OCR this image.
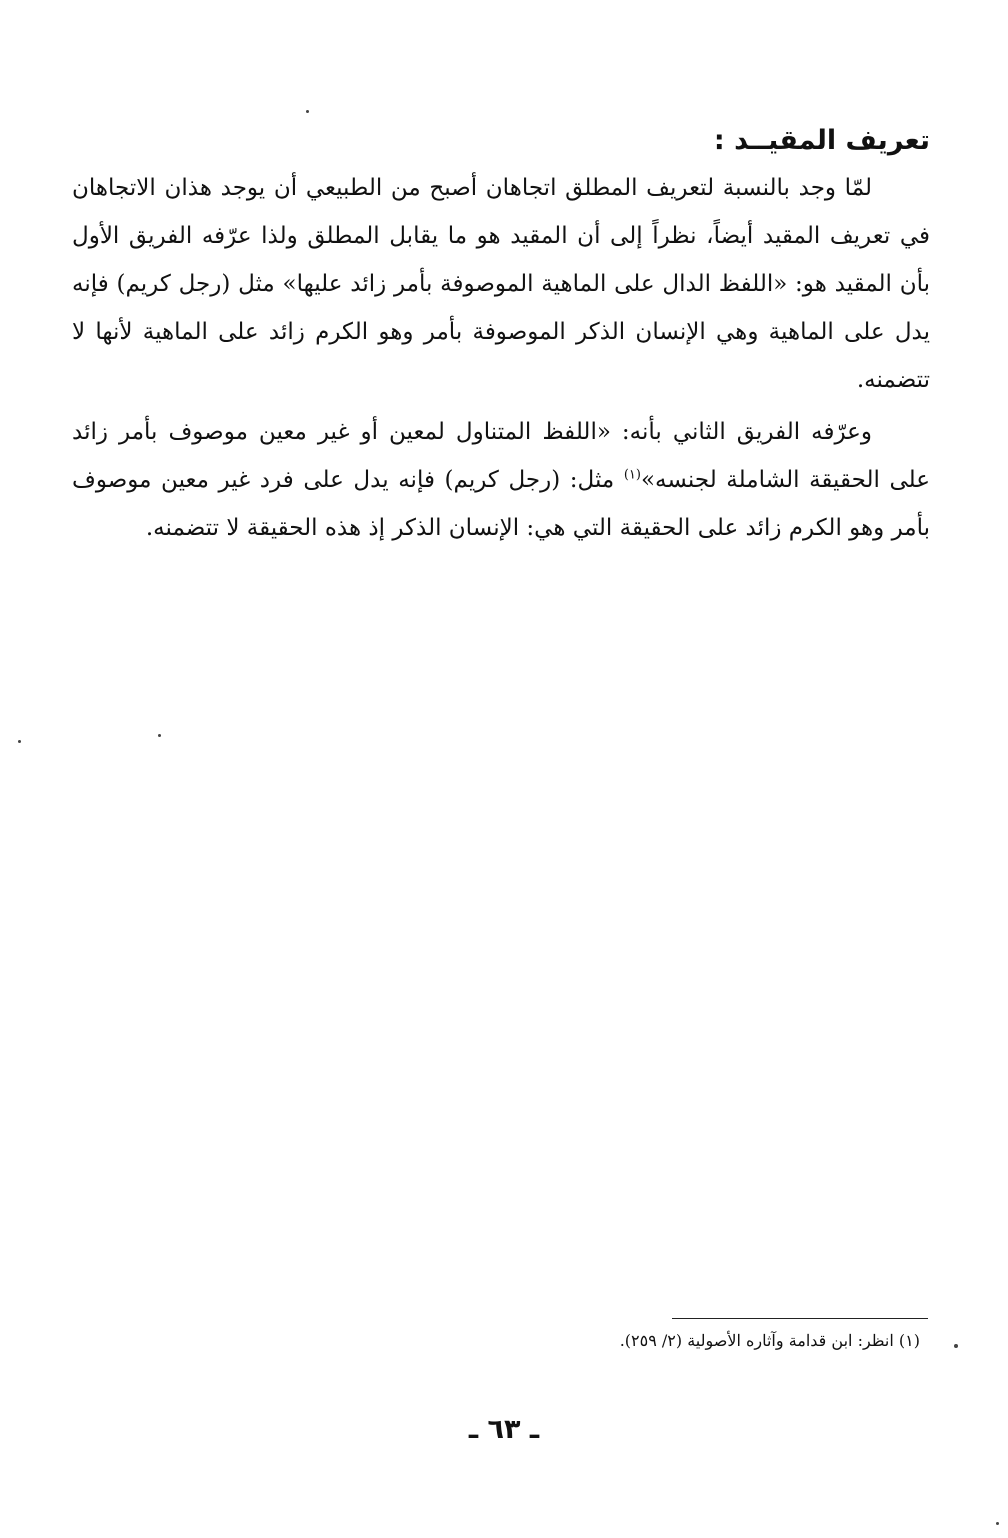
تعريف المقيــد :

لمّا وجد بالنسبة لتعريف المطلق اتجاهان أصبح من الطبيعي أن يوجد هذان الاتجاهان في تعريف المقيد أيضاً، نظراً إلى أن المقيد هو ما يقابل المطلق ولذا عرّفه الفريق الأول بأن المقيد هو: «اللفظ الدال على الماهية الموصوفة بأمر زائد عليها» مثل (رجل كريم) فإنه يدل على الماهية وهي الإنسان الذكر الموصوفة بأمر وهو الكرم زائد على الماهية لأنها لا تتضمنه.

وعرّفه الفريق الثاني بأنه: «اللفظ المتناول لمعين أو غير معين موصوف بأمر زائد على الحقيقة الشاملة لجنسه»$^{(١)}$ مثل: (رجل كريم) فإنه يدل على فرد غير معين موصوف بأمر وهو الكرم زائد على الحقيقة التي هي: الإنسان الذكر إذ هذه الحقيقة لا تتضمنه.

(١) انظر: ابن قدامة وآثاره الأصولية (٢/ ٢٥٩).
ـ ٦٣ ـ
